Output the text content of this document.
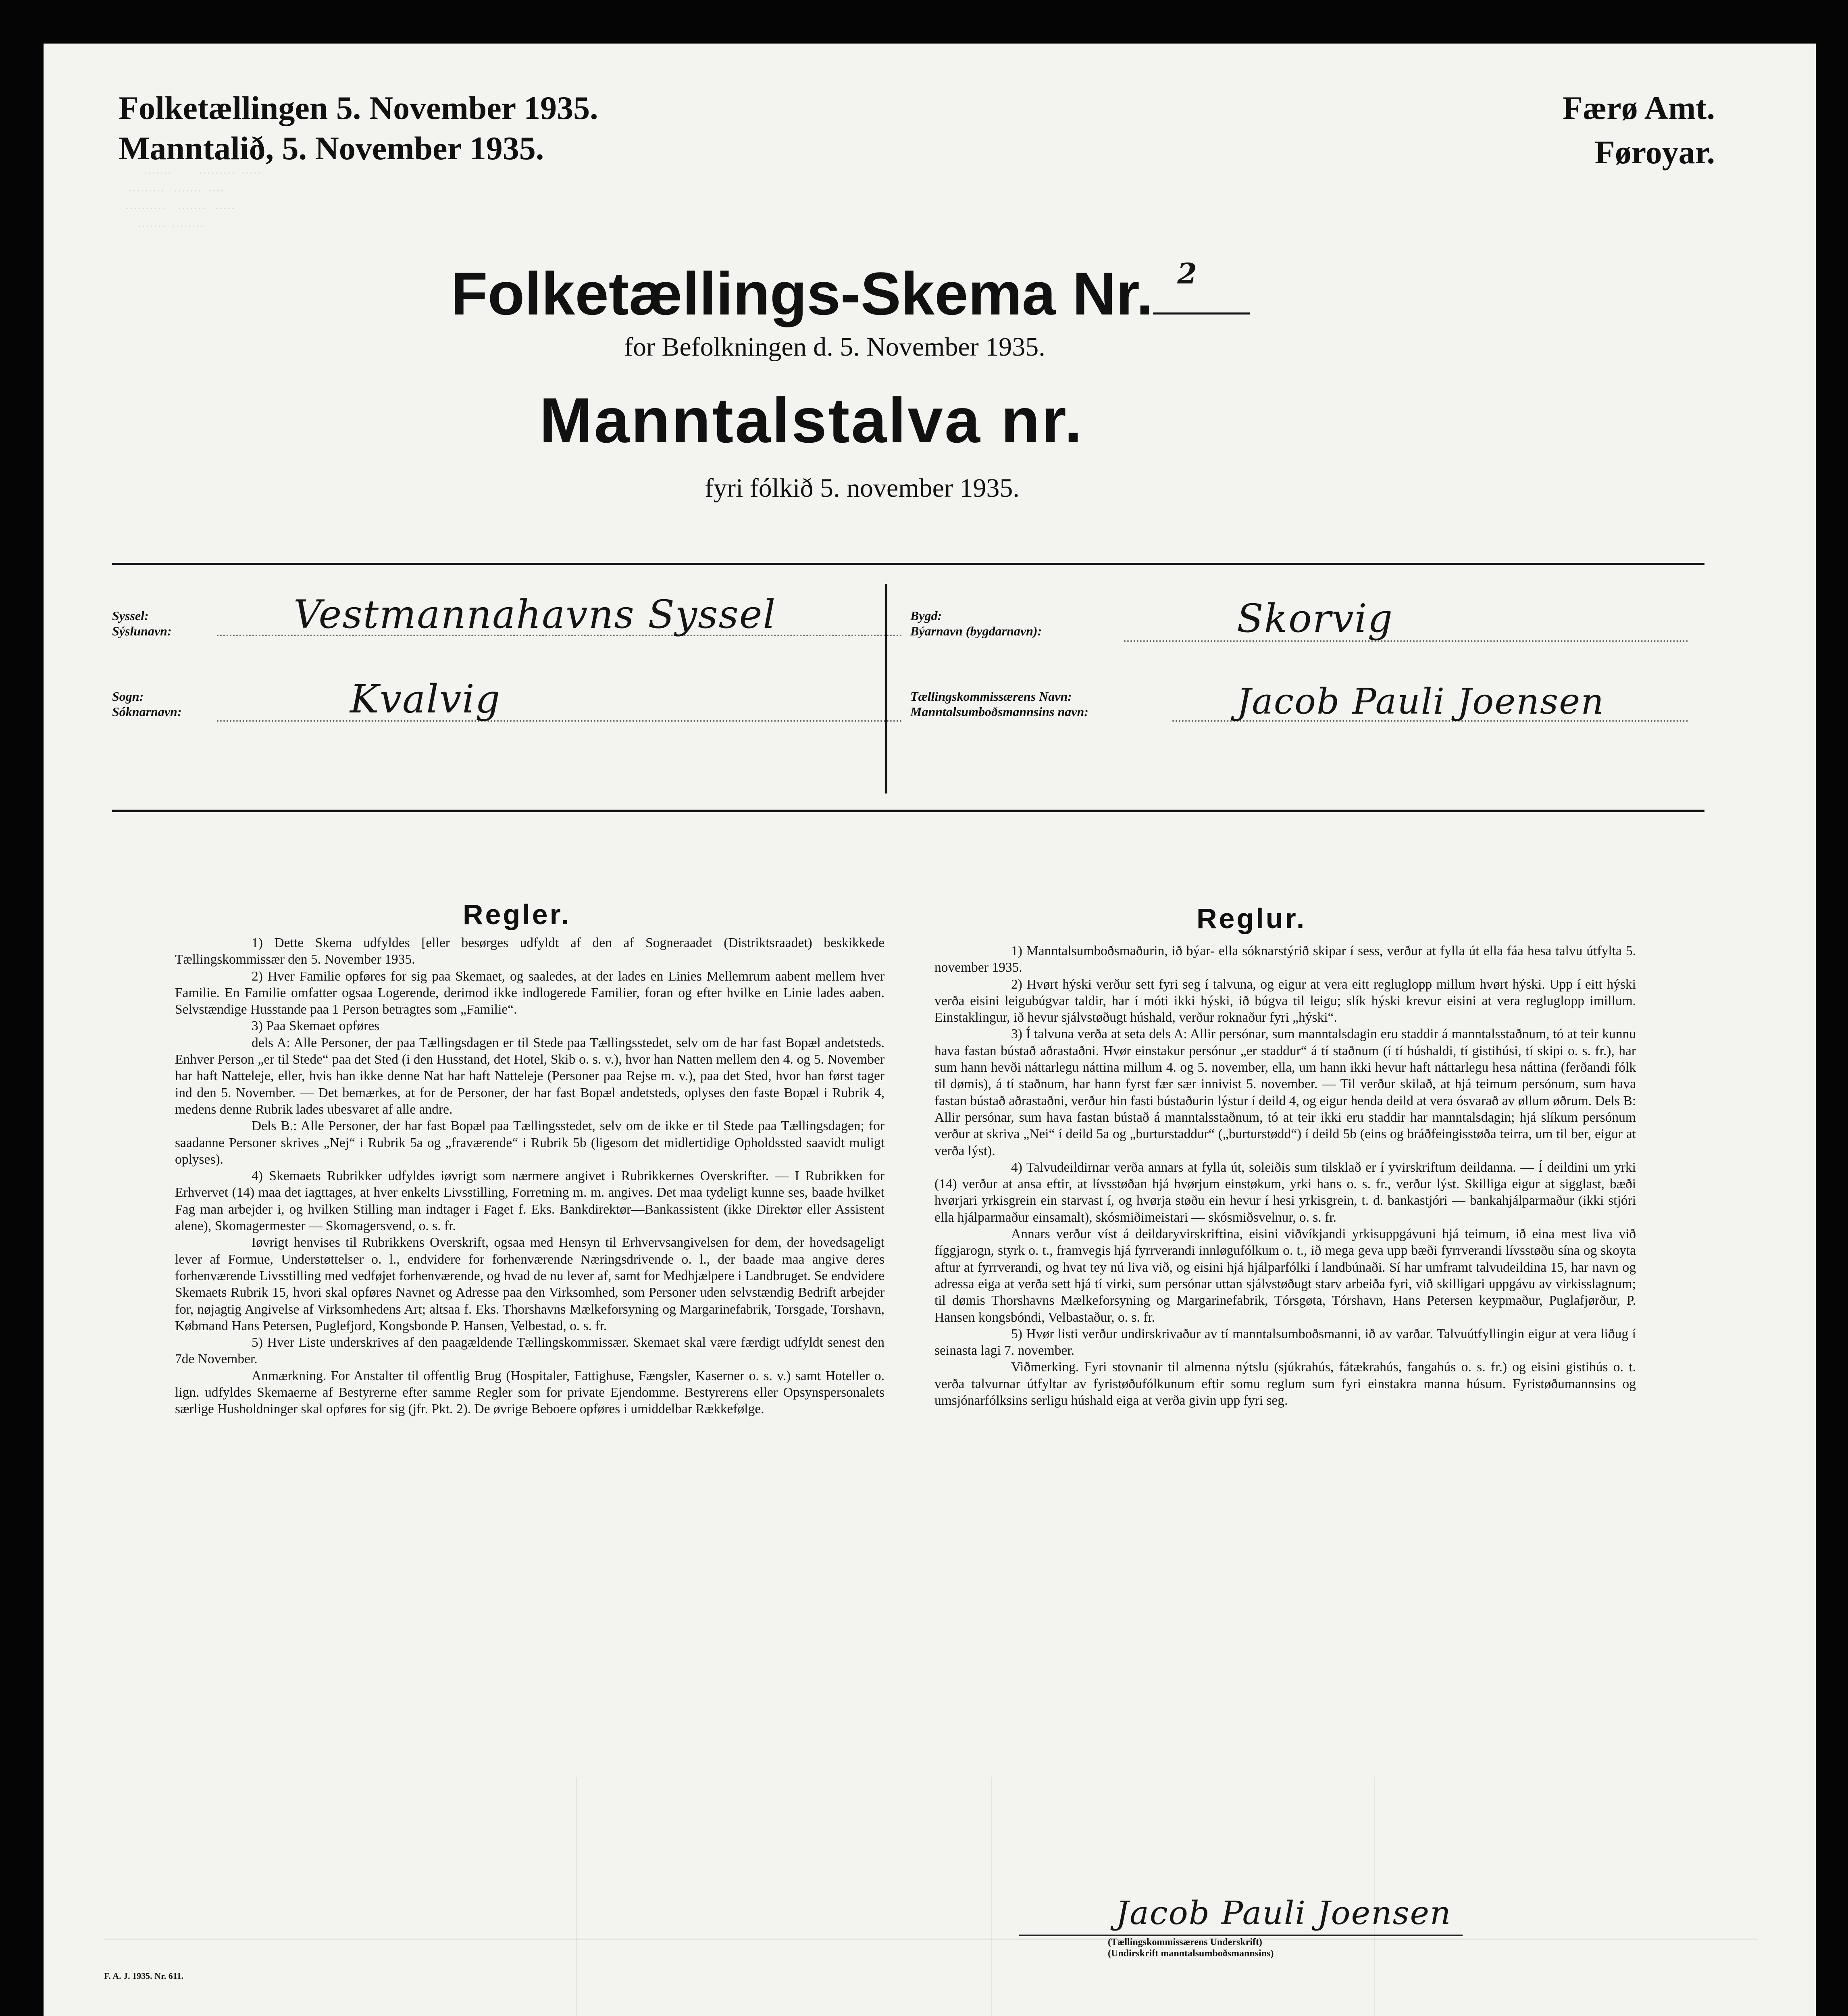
·······         ·········  ·····
·········   ·······  ····
··········    ·······   ·····
·······  ········
Folketællingen 5. November 1935.
Manntalið, 5. November 1935.
Færø Amt.
Føroyar.
Folketællings-Skema Nr. 2
for Befolkningen d. 5. November 1935.
Manntalstalva nr.
fyri fólkið 5. november 1935.
Syssel:
Sýslunavn:	Vestmannahavns Syssel
Sogn:
Sóknarnavn:	Kvalvig
Bygd:
Býarnavn (bygdarnavn):	Skorvig
Tællingskommissærens Navn:
Manntalsumboðsmannsins navn:	Jacob Pauli Joensen
Regler.

1) Dette Skema udfyldes [eller besørges udfyldt af den af Sogneraadet (Distriktsraadet) beskikkede Tællingskommissær den 5. November 1935.

2) Hver Familie opføres for sig paa Skemaet, og saaledes, at der lades en Linies Mellemrum aabent mellem hver Familie. En Familie omfatter ogsaa Logerende, derimod ikke indlogerede Familier, foran og efter hvilke en Linie lades aaben. Selvstændige Husstande paa 1 Person betragtes som „Familie“.

3) Paa Skemaet opføres

dels A: Alle Personer, der paa Tællingsdagen er til Stede paa Tællingsstedet, selv om de har fast Bopæl andetsteds. Enhver Person „er til Stede“ paa det Sted (i den Husstand, det Hotel, Skib o. s. v.), hvor han Natten mellem den 4. og 5. November har haft Natteleje, eller, hvis han ikke denne Nat har haft Natteleje (Personer paa Rejse m. v.), paa det Sted, hvor han først tager ind den 5. November. — Det bemærkes, at for de Personer, der har fast Bopæl andetsteds, oplyses den faste Bopæl i Rubrik 4, medens denne Rubrik lades ubesvaret af alle andre.

Dels B.: Alle Personer, der har fast Bopæl paa Tællingsstedet, selv om de ikke er til Stede paa Tællingsdagen; for saadanne Personer skrives „Nej“ i Rubrik 5a og „fraværende“ i Rubrik 5b (ligesom det midlertidige Opholdssted saavidt muligt oplyses).

4) Skemaets Rubrikker udfyldes iøvrigt som nærmere angivet i Rubrikkernes Overskrifter. — I Rubrikken for Erhvervet (14) maa det iagttages, at hver enkelts Livsstilling, Forretning m. m. angives. Det maa tydeligt kunne ses, baade hvilket Fag man arbejder i, og hvilken Stilling man indtager i Faget f. Eks. Bankdirektør—Bankassistent (ikke Direktør eller Assistent alene), Skomagermester — Skomagersvend, o. s. fr.

Iøvrigt henvises til Rubrikkens Overskrift, ogsaa med Hensyn til Erhvervsangivelsen for dem, der hovedsageligt lever af Formue, Understøttelser o. l., endvidere for forhenværende Næringsdrivende o. l., der baade maa angive deres forhenværende Livsstilling med vedføjet forhenværende, og hvad de nu lever af, samt for Medhjælpere i Landbruget. Se endvidere Skemaets Rubrik 15, hvori skal opføres Navnet og Adresse paa den Virksomhed, som Personer uden selvstændig Bedrift arbejder for, nøjagtig Angivelse af Virksomhedens Art; altsaa f. Eks. Thorshavns Mælkeforsyning og Margarinefabrik, Torsgade, Torshavn, Købmand Hans Petersen, Puglefjord, Kongsbonde P. Hansen, Velbestad, o. s. fr.

5) Hver Liste underskrives af den paagældende Tællingskommissær. Skemaet skal være færdigt udfyldt senest den 7de November.

Anmærkning. For Anstalter til offentlig Brug (Hospitaler, Fattighuse, Fængsler, Kaserner o. s. v.) samt Hoteller o. lign. udfyldes Skemaerne af Bestyrerne efter samme Regler som for private Ejendomme. Bestyrerens eller Opsynspersonalets særlige Husholdninger skal opføres for sig (jfr. Pkt. 2). De øvrige Beboere opføres i umiddelbar Rækkefølge.

Reglur.

1) Manntalsumboðsmaðurin, ið býar- ella sóknarstýrið skipar í sess, verður at fylla út ella fáa hesa talvu útfylta 5. november 1935.

2) Hvørt hýski verður sett fyri seg í talvuna, og eigur at vera eitt regluglopp millum hvørt hýski. Upp í eitt hýski verða eisini leigubúgvar taldir, har í móti ikki hýski, ið búgva til leigu; slík hýski krevur eisini at vera regluglopp imillum. Einstaklingur, ið hevur sjálvstøðugt húshald, verður roknaður fyri „hýski“.

3) Í talvuna verða at seta dels A: Allir persónar, sum manntalsdagin eru staddir á manntalsstaðnum, tó at teir kunnu hava fastan bústað aðrastaðni. Hvør einstakur persónur „er staddur“ á tí staðnum (í tí húshaldi, tí gistihúsi, tí skipi o. s. fr.), har sum hann hevði náttarlegu náttina millum 4. og 5. november, ella, um hann ikki hevur haft náttarlegu hesa náttina (ferðandi fólk til dømis), á tí staðnum, har hann fyrst fær sær innivist 5. november. — Til verður skilað, at hjá teimum persónum, sum hava fastan bústað aðrastaðni, verður hin fasti bústaðurin lýstur í deild 4, og eigur henda deild at vera ósvarað av øllum øðrum. Dels B: Allir persónar, sum hava fastan bústað á manntalsstaðnum, tó at teir ikki eru staddir har manntalsdagin; hjá slíkum persónum verður at skriva „Nei“ í deild 5a og „burturstaddur“ („burturstødd“) í deild 5b (eins og bráðfeingisstøða teirra, um til ber, eigur at verða lýst).

4) Talvudeildirnar verða annars at fylla út, soleiðis sum tilsklað er í yvirskriftum deildanna. — Í deildini um yrki (14) verður at ansa eftir, at lívsstøðan hjá hvørjum einstøkum, yrki hans o. s. fr., verður lýst. Skilliga eigur at sigglast, bæði hvørjari yrkisgrein ein starvast í, og hvørja støðu ein hevur í hesi yrkisgrein, t. d. bankastjóri — bankahjálparmaður (ikki stjóri ella hjálparmaður einsamalt), skósmiðimeistari — skósmiðsvelnur, o. s. fr.

Annars verður víst á deildaryvirskriftina, eisini viðvíkjandi yrkisuppgávuni hjá teimum, ið eina mest liva við fíggjarogn, styrk o. t., framvegis hjá fyrrverandi innløgufólkum o. t., ið mega geva upp bæði fyrrverandi lívsstøðu sína og skoyta aftur at fyrrverandi, og hvat tey nú liva við, og eisini hjá hjálparfólki í landbúnaði. Sí har umframt talvudeildina 15, har navn og adressa eiga at verða sett hjá tí virki, sum persónar uttan sjálvstøðugt starv arbeiða fyri, við skilligari uppgávu av virkisslagnum; til dømis Thorshavns Mælkeforsyning og Margarinefabrik, Tórsgøta, Tórshavn, Hans Petersen keypmaður, Puglafjørður, P. Hansen kongsbóndi, Velbastaður, o. s. fr.

5) Hvør listi verður undirskrivaður av tí manntalsumboðsmanni, ið av varðar. Talvuútfyllingin eigur at vera liðug í seinasta lagi 7. november.

Viðmerking. Fyri stovnanir til almenna nýtslu (sjúkrahús, fátækrahús, fangahús o. s. fr.) og eisini gistihús o. t. verða talvurnar útfyltar av fyristøðufólkunum eftir somu reglum sum fyri einstakra manna húsum. Fyristøðumannsins og umsjónarfólksins serligu húshald eiga at verða givin upp fyri seg.

Jacob Pauli Joensen
(Tællingskommissærens Underskrift)
(Undirskrift manntalsumboðsmannsins)
F. A. J. 1935. Nr. 611.
